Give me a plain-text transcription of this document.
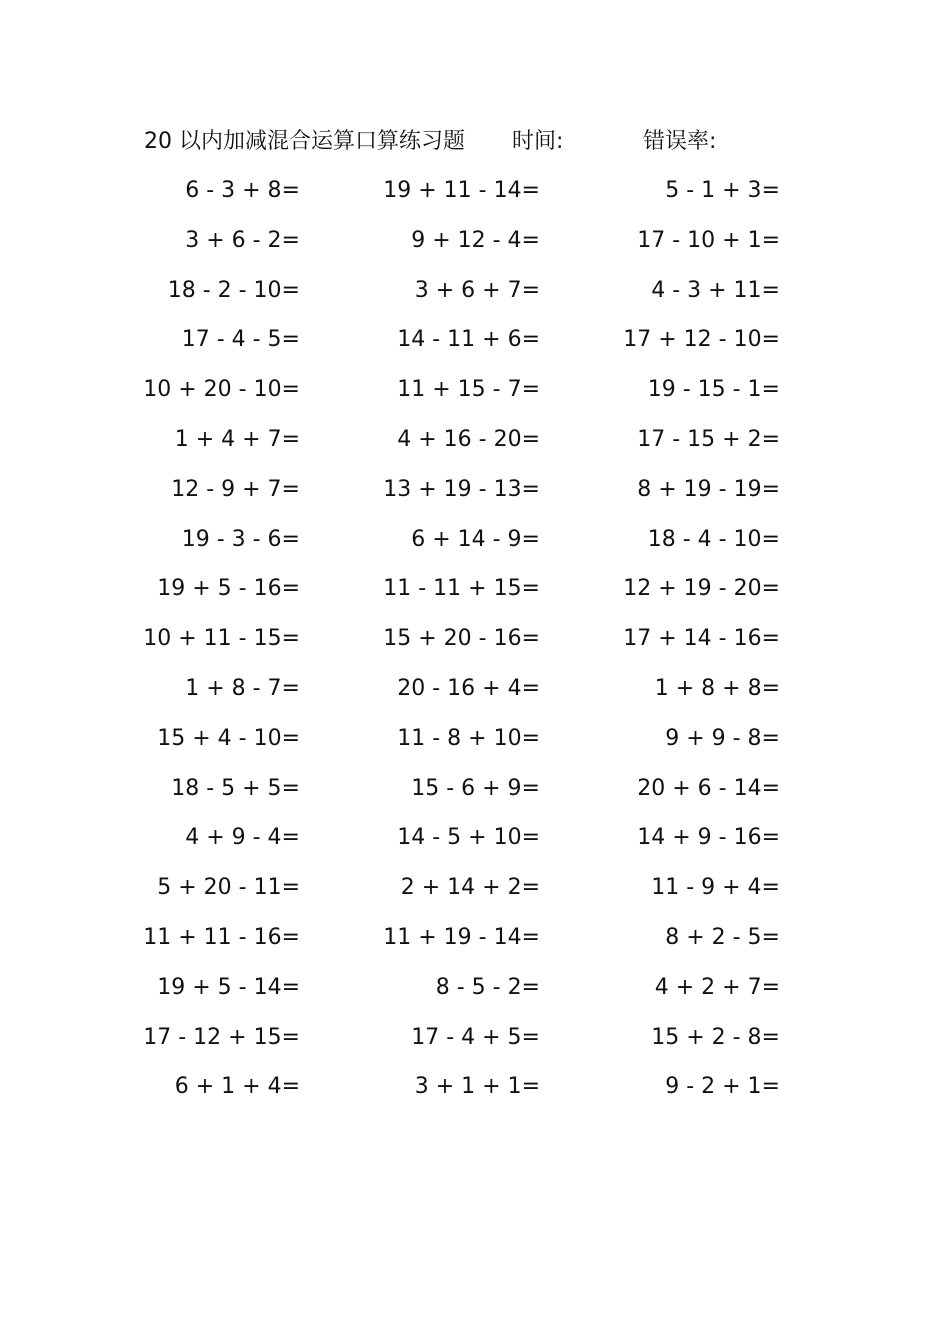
20 以内加减混合运算口算练习题 时间:	错误率:
6 - 3 + 8=	19 + 11 - 14=	5 - 1 + 3=
3 + 6 - 2=	9 + 12 - 4=	17 - 10 + 1=
18 - 2 - 10=	3 + 6 + 7=	4 - 3 + 11=
17 - 4 - 5=	14 - 11 + 6=	17 + 12 - 10=
10 + 20 - 10=	11 + 15 - 7=	19 - 15 - 1=
1 + 4 + 7=	4 + 16 - 20=	17 - 15 + 2=
12 - 9 + 7=	13 + 19 - 13=	8 + 19 - 19=
19 - 3 - 6=	6 + 14 - 9=	18 - 4 - 10=
19 + 5 - 16=	11 - 11 + 15=	12 + 19 - 20=
10 + 11 - 15=	15 + 20 - 16=	17 + 14 - 16=
1 + 8 - 7=	20 - 16 + 4=	1 + 8 + 8=
15 + 4 - 10=	11 - 8 + 10=	9 + 9 - 8=
18 - 5 + 5=	15 - 6 + 9=	20 + 6 - 14=
4 + 9 - 4=	14 - 5 + 10=	14 + 9 - 16=
5 + 20 - 11=	2 + 14 + 2=	11 - 9 + 4=
11 + 11 - 16=	11 + 19 - 14=	8 + 2 - 5=
19 + 5 - 14=	8 - 5 - 2=	4 + 2 + 7=
17 - 12 + 15=	17 - 4 + 5=	15 + 2 - 8=
6 + 1 + 4=	3 + 1 + 1=	9 - 2 + 1=
